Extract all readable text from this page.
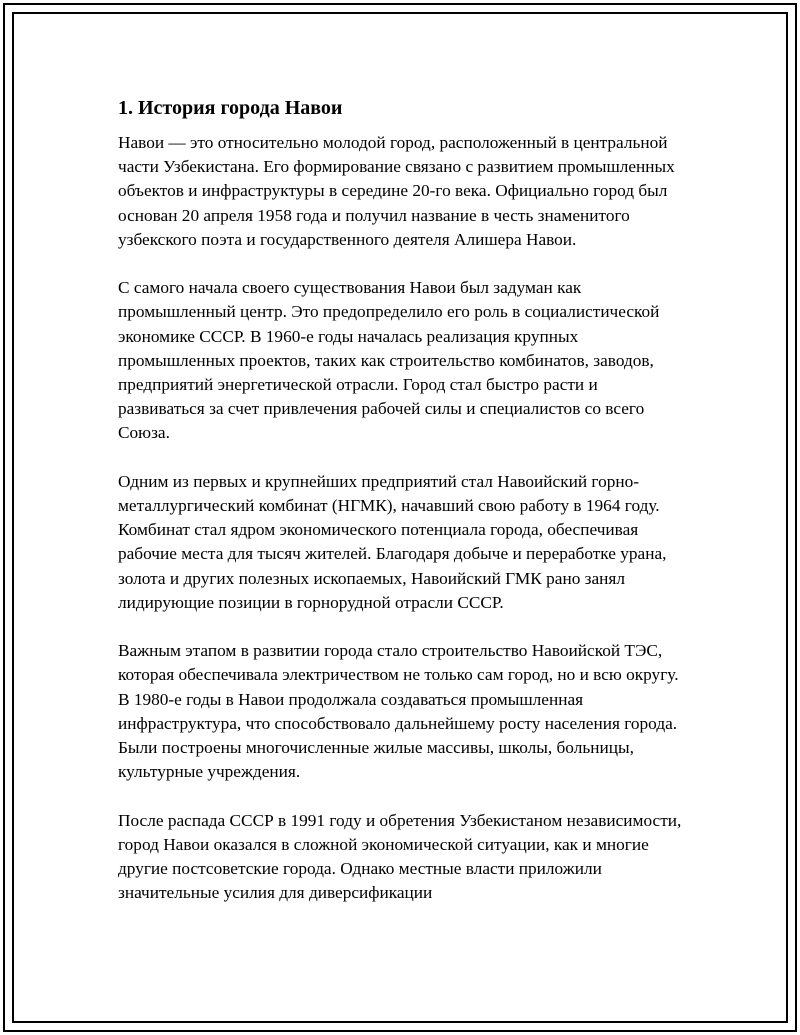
1. История города Навои

Навои — это относительно молодой город, расположенный в центральной части Узбекистана. Его формирование связано с развитием промышленных объектов и инфраструктуры в середине 20-го века. Официально город был основан 20 апреля 1958 года и получил название в честь знаменитого узбекского поэта и государственного деятеля Алишера Навои.

С самого начала своего существования Навои был задуман как промышленный центр. Это предопределило его роль в социалистической экономике СССР. В 1960-е годы началась реализация крупных промышленных проектов, таких как строительство комбинатов, заводов, предприятий энергетической отрасли. Город стал быстро расти и развиваться за счет привлечения рабочей силы и специалистов со всего Союза.

Одним из первых и крупнейших предприятий стал Навоийский горно-металлургический комбинат (НГМК), начавший свою работу в 1964 году. Комбинат стал ядром экономического потенциала города, обеспечивая рабочие места для тысяч жителей. Благодаря добыче и переработке урана, золота и других полезных ископаемых, Навоийский ГМК рано занял лидирующие позиции в горнорудной отрасли СССР.

Важным этапом в развитии города стало строительство Навоийской ТЭС, которая обеспечивала электричеством не только сам город, но и всю округу. В 1980-е годы в Навои продолжала создаваться промышленная инфраструктура, что способствовало дальнейшему росту населения города. Были построены многочисленные жилые массивы, школы, больницы, культурные учреждения.

После распада СССР в 1991 году и обретения Узбекистаном независимости, город Навои оказался в сложной экономической ситуации, как и многие другие постсоветские города. Однако местные власти приложили значительные усилия для диверсификации
